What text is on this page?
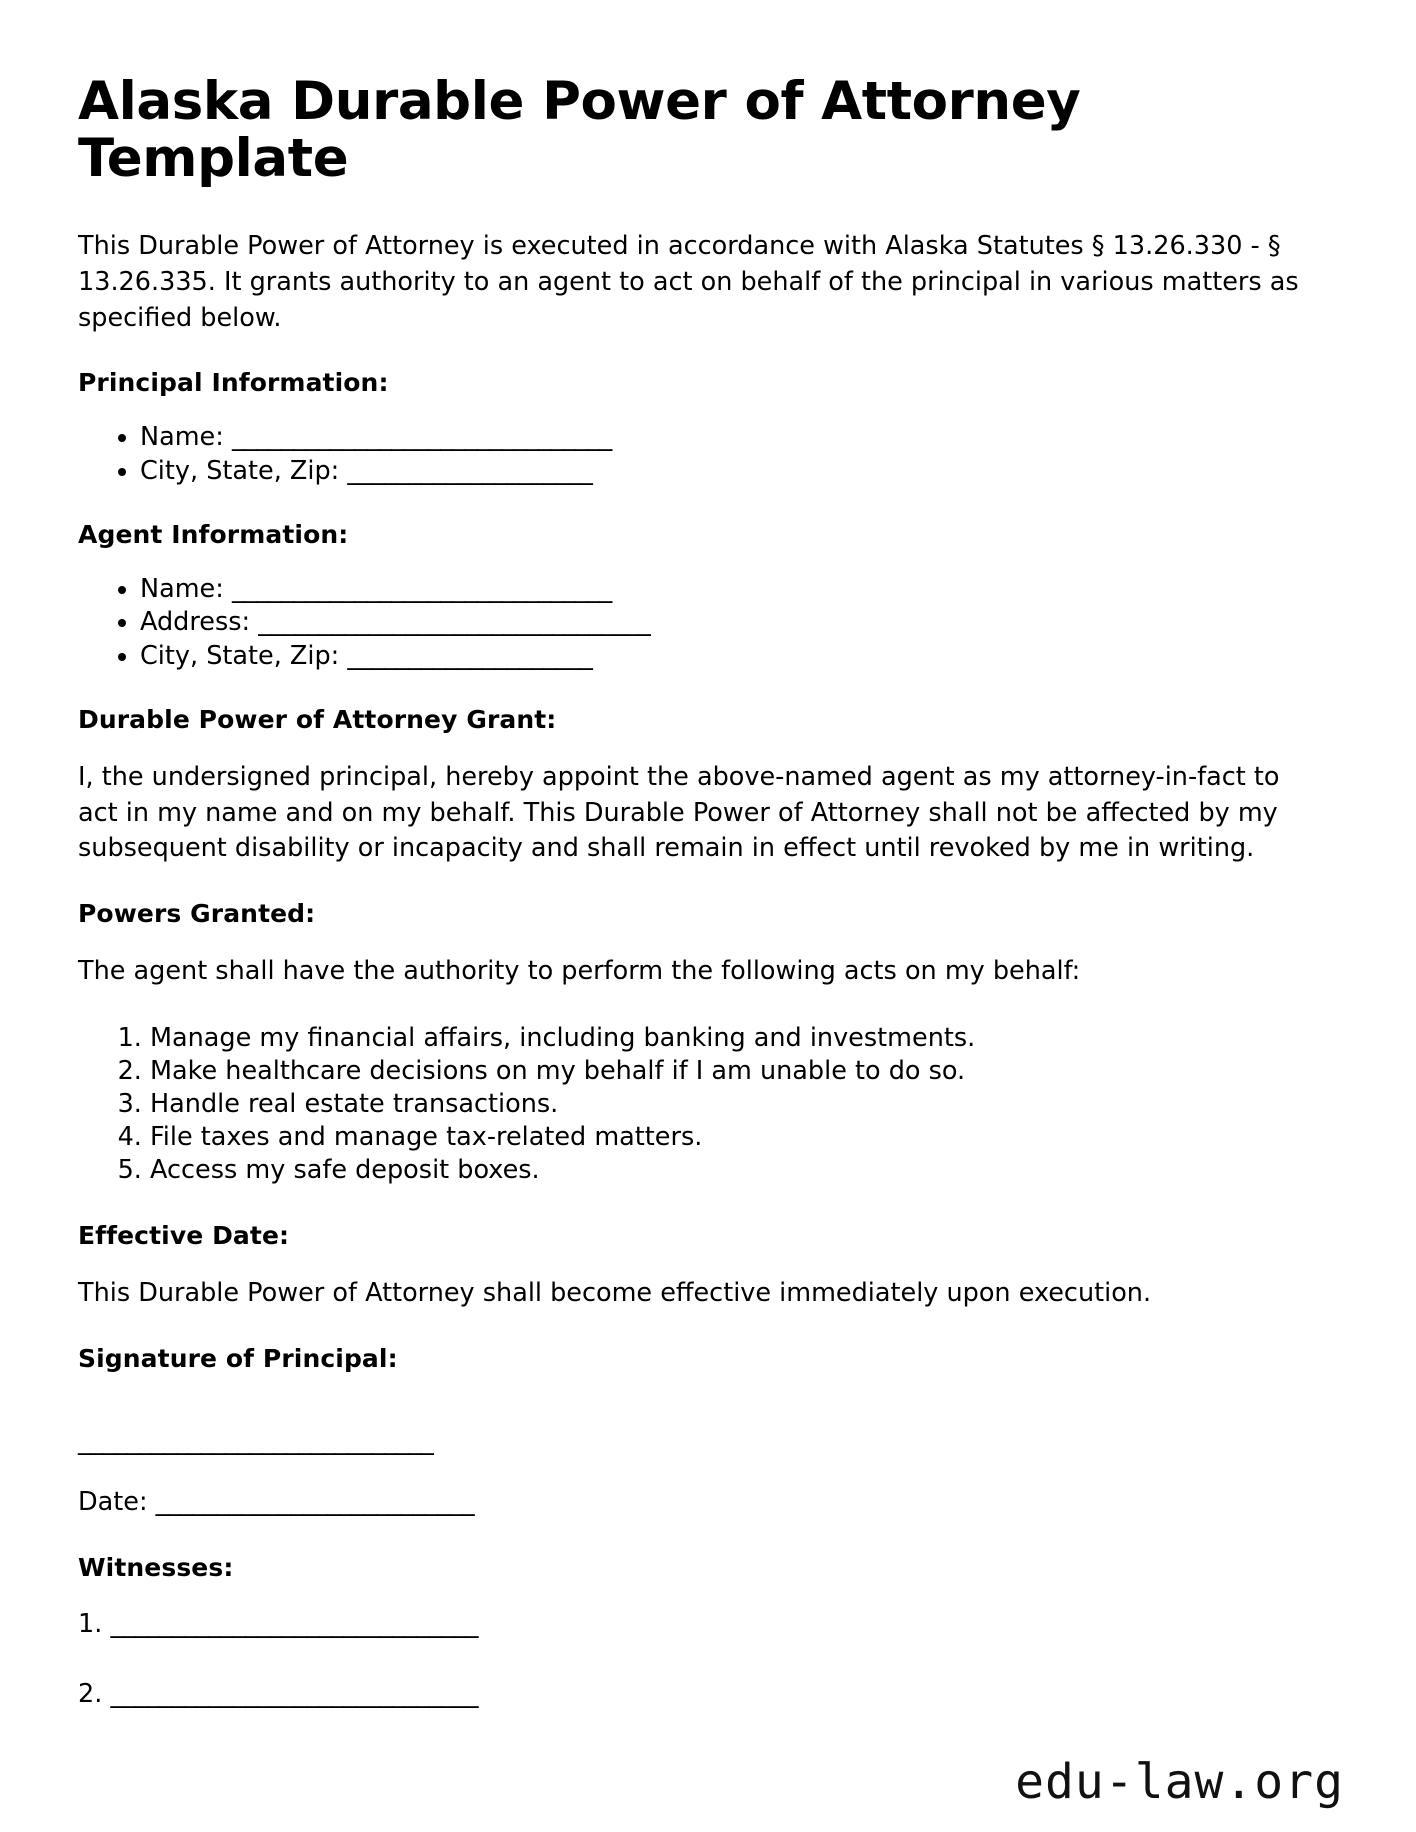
Alaska Durable Power of Attorney Template

This Durable Power of Attorney is executed in accordance with Alaska Statutes § 13.26.330 - § 13.26.335. It grants authority to an agent to act on behalf of the principal in various matters as specified below.

Principal Information:
• Name: _______________________________
• City, State, Zip: ____________________
Agent Information:
• Name: _______________________________
• Address: ________________________________
• City, State, Zip: ____________________
Durable Power of Attorney Grant:

I, the undersigned principal, hereby appoint the above-named agent as my attorney-in-fact to act in my name and on my behalf. This Durable Power of Attorney shall not be affected by my subsequent disability or incapacity and shall remain in effect until revoked by me in writing.

Powers Granted:

The agent shall have the authority to perform the following acts on my behalf:

1. Manage my financial affairs, including banking and investments.
2. Make healthcare decisions on my behalf if I am unable to do so.
3. Handle real estate transactions.
4. File taxes and manage tax-related matters.
5. Access my safe deposit boxes.
Effective Date:

This Durable Power of Attorney shall become effective immediately upon execution.

Signature of Principal:

_____________________________

Date: __________________________

Witnesses:

1. ______________________________

2. ______________________________

edu-law.org
